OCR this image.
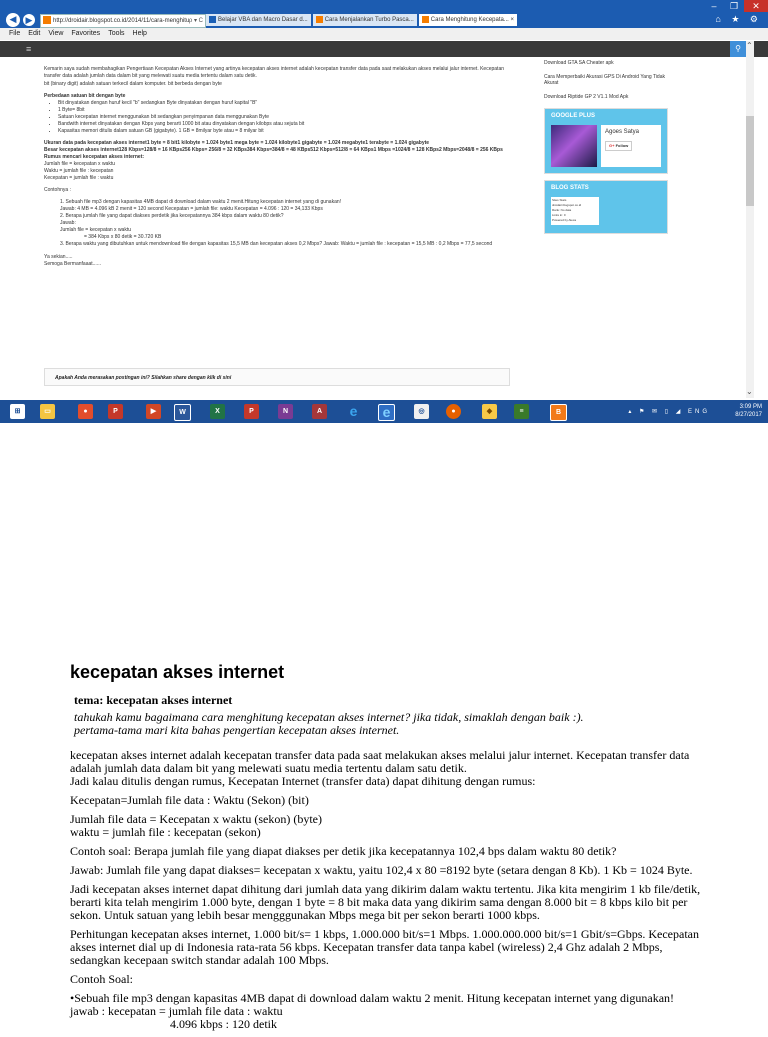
–	❐	✕
◀	▶	http://droidair.blogspot.co.id/2014/11/cara-menghitu ρ ▾ C	Belajar VBA dan Macro Dasar d...	Cara Menjalankan Turbo Pasca...	Cara Menghitung Kecepata... ×	⌂ ★ ⚙
File Edit View Favorites Tools Help
≡	⚲ ⌃
⌄

Kemarin saya sudah membahagikan Pengertiaan Kecepatan Akses Internet yang artinya kecepatan akses internet adalah kecepatan transfer data pada saat melakukan akses melalui jalur internet. Kecepatan transfer data adalah jumlah data dalam bit yang melewati suatu media tertentu dalam satu detik.

bit (binary digit) adalah satuan terkecil dalam komputer. bit berbeda dengan byte

Perbedaan satuan bit dengan byte

• Bit dinyatakan dengan huruf kecil "b" sedangkan Byte dinyatakan dengan huruf kapital "B"
• 1 Byte= 8bit
• Satuan kecepatan internet menggunakan bit sedangkan penyimpanan data menggunakan Byte
• Bandwith internet dinyatakan dengan Kbps yang berarti 1000 bit atau dinyatakan dengan kilobps atau sejuta bit
• Kapasitas memori ditulis dalam satuan GB (gigabyte). 1 GB = 8milyar byte atau = 8 milyar bit

Ukuran data pada kecepatan akses internet1 byte = 8 bit1 kilobyte = 1.024 byte1 mega byte = 1.024 kilobyte1 gigabyte = 1.024 megabyte1 terabyte = 1.024 gigabyte

Besar kecepatan akses internet128 Kbps=128/8 = 16 KBps256 Kbps= 256/8 = 32 KBps384 Kbps=384/8 = 48 KBps512 Kbps=512/8 = 64 KBps1 Mbps =1024/8 = 128 KBps2 Mbps=2048/8 = 256 KBps

Rumus mencari kecepatan akses internet:

Jumlah file = kecepatan x waktu
Waktu = jumlah file : kecepatan
Kecepatan = jumlah file : waktu

Contohnya :

1. Sebuah file mp3 dengan kapasitas 4MB dapat di download dalam waktu 2 menit.Hitung kecepatan internet yang di gunakan!
Jawab: 4 MB = 4.096 kB 2 menit = 120 second Kecepatan = jumlah file: waktu Kecepatan = 4.096 : 120 = 34,133 Kbps
2. Berapa jumlah file yang dapat diakses perdetik jika kecepatannya 384 kbps dalam waktu 80 detik?
Jawab:
Jumlah file = kecepatan x waktu
= 384 Kbps x 80 detik = 30.720 KB
3. Berapa waktu yang dibutuhkan untuk mendownload file dengan kapasitas 15,5 MB dan kecepatan akses 0,2 Mbps? Jawab: Waktu = jumlah file : kecepatan = 15,5 MB : 0,2 Mbps = 77,5 second

Ya sekian.....

Semoga Bermanfaaat......

Apakah Anda merasakan postingan ini? Silahkan share dengan klik di sini
Download GTA SA Cheater apk
Cara Memperbaiki Akurasi GPS Di Android Yang Tidak Akurat
Download Riptide GP 2 V1.1 Mod Apk
GOOGLE PLUS
Agoes Satya
G+ Follow
BLOG STATS
Sites Stats
droidair.blogspot.co.id
Rank: No data
Links in: 0
Powered by Alexa
⊞	▭	●	P	▶	W	X	P	N	A	e	e	◎	●	◆	≡	B	▴ ⚑ ✉ ▯ ◢ ENG
3:09 PM
8/27/2017
kecepatan akses internet
tema: kecepatan akses internet
tahukah kamu bagaimana cara menghitung kecepatan akses internet? jika tidak, simaklah dengan baik :).
pertama-tama mari kita bahas pengertian kecepatan akses internet.

kecepatan akses internet adalah kecepatan transfer data pada saat melakukan akses melalui jalur internet. Kecepatan transfer data adalah jumlah data dalam bit yang melewati suatu media tertentu dalam satu detik.
Jadi kalau ditulis dengan rumus, Kecepatan Internet (transfer data) dapat dihitung dengan rumus:

Kecepatan=Jumlah file data : Waktu (Sekon) (bit)

Jumlah file data = Kecepatan x waktu (sekon) (byte)
waktu = jumlah file : kecepatan (sekon)

Contoh soal: Berapa jumlah file yang diapat diakses per detik jika kecepatannya 102,4 bps dalam waktu 80 detik?

Jawab: Jumlah file yang dapat diakses= kecepatan x waktu, yaitu 102,4 x 80 =8192 byte (setara dengan 8 Kb). 1 Kb = 1024 Byte.

Jadi kecepatan akses internet dapat dihitung dari jumlah data yang dikirim dalam waktu tertentu. Jika kita mengirim 1 kb file/detik, berarti kita telah mengirim 1.000 byte, dengan 1 byte = 8 bit maka data yang dikirim sama dengan 8.000 bit = 8 kbps kilo bit per sekon. Untuk satuan yang lebih besar mengggunakan Mbps mega bit per sekon berarti 1000 kbps.

Perhitungan kecepatan akses internet, 1.000 bit/s= 1 kbps, 1.000.000 bit/s=1 Mbps. 1.000.000.000 bit/s=1 Gbit/s=Gbps. Kecepatan akses internet dial up di Indonesia rata-rata 56 kbps. Kecepatan transfer data tanpa kabel (wireless) 2,4 Ghz adalah 2 Mbps, sedangkan kecepaan switch standar adalah 100 Mbps.

Contoh Soal:

•Sebuah file mp3 dengan kapasitas 4MB dapat di download dalam waktu 2 menit. Hitung kecepatan internet yang digunakan!
jawab : kecepatan = jumlah file data : waktu
4.096 kbps : 120 detik
